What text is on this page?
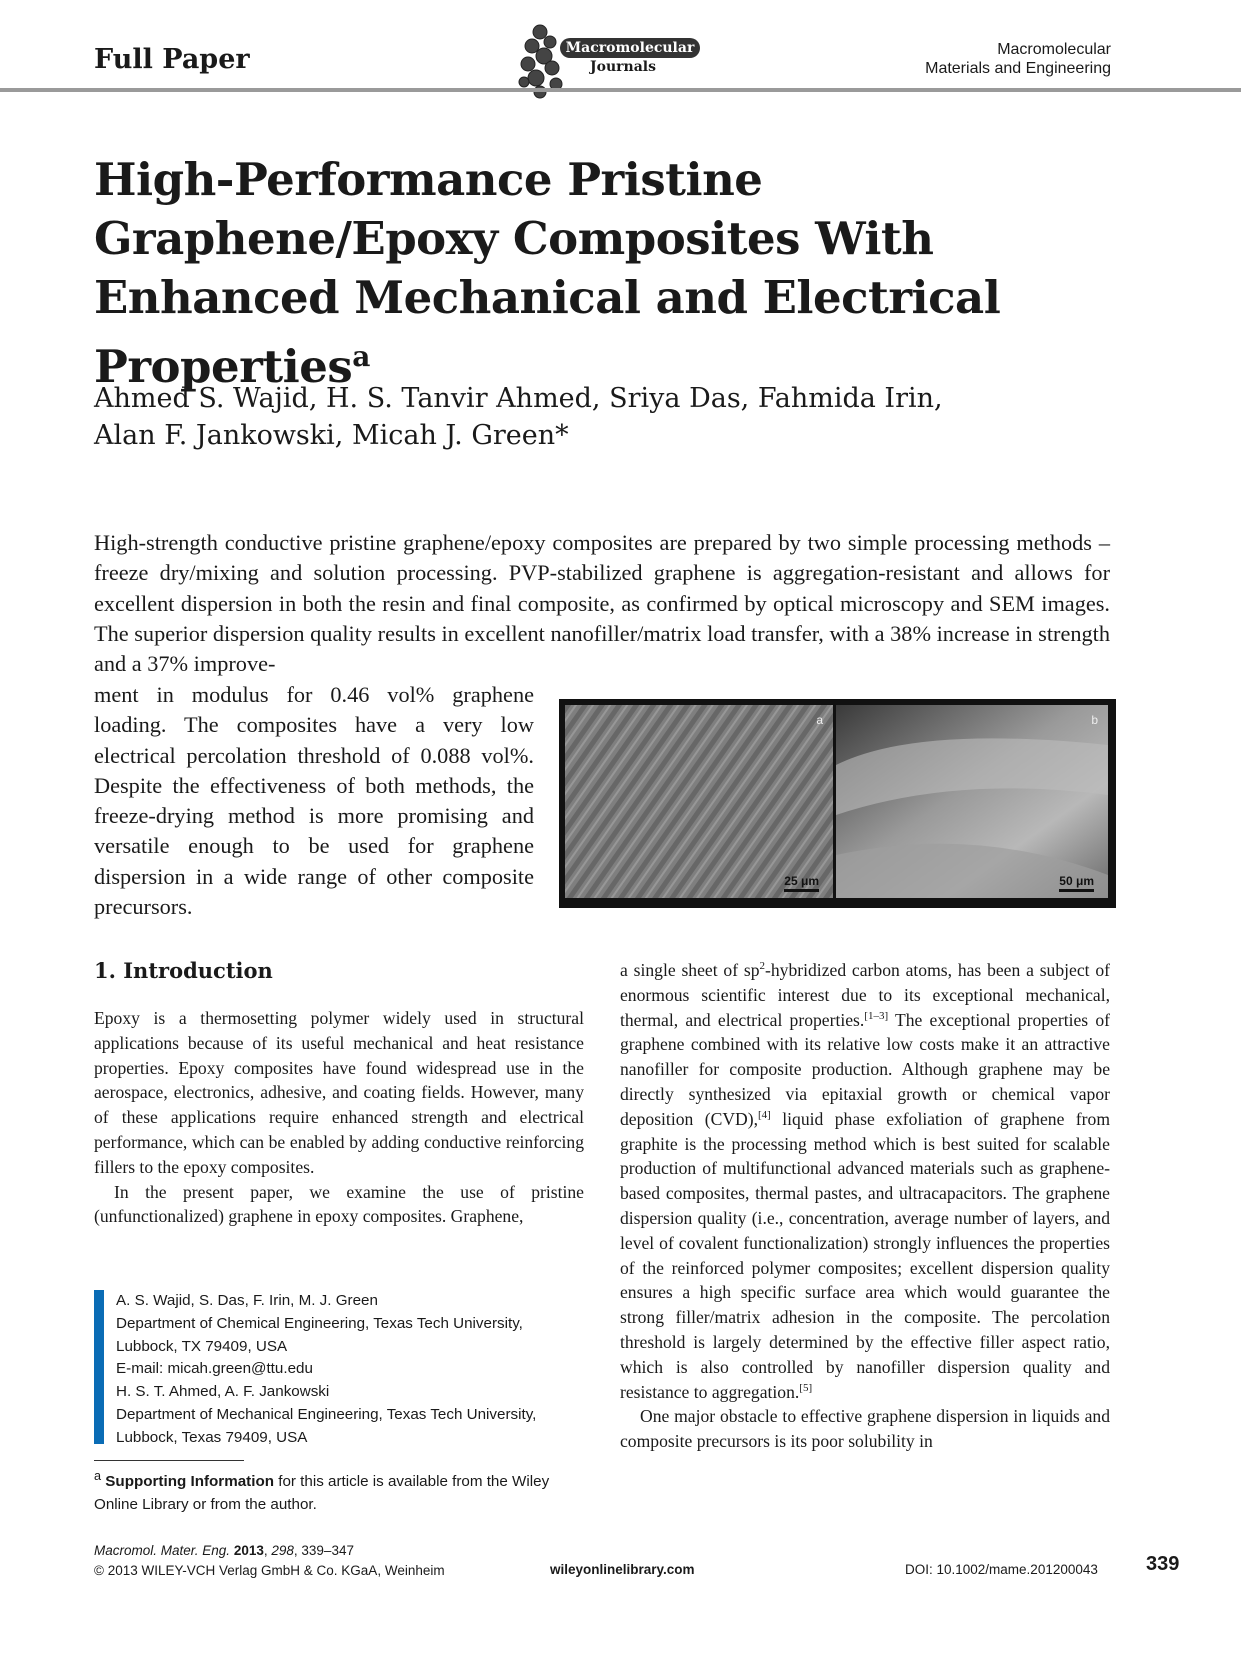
Full Paper	Macromolecular
Journals
Macromolecular
Materials and Engineering
High-Performance Pristine Graphene/Epoxy Composites With Enhanced Mechanical and Electrical Properties$^a$
Ahmed S. Wajid, H. S. Tanvir Ahmed, Sriya Das, Fahmida Irin,
Alan F. Jankowski, Micah J. Green*
High-strength conductive pristine graphene/epoxy composites are prepared by two simple processing methods – freeze dry/mixing and solution processing. PVP-stabilized graphene is aggregation-resistant and allows for excellent dispersion in both the resin and final composite, as confirmed by optical microscopy and SEM images. The superior dispersion quality results in excellent nanofiller/matrix load transfer, with a 38% increase in strength and a 37% improve-
ment in modulus for 0.46 vol% graphene loading. The composites have a very low electrical percolation threshold of 0.088 vol%. Despite the effectiveness of both methods, the freeze-drying method is more promising and versatile enough to be used for graphene dispersion in a wide range of other composite precursors.
a
25 μm
b
50 μm
1. Introduction

Epoxy is a thermosetting polymer widely used in structural applications because of its useful mechanical and heat resistance properties. Epoxy composites have found widespread use in the aerospace, electronics, adhesive, and coating fields. However, many of these applications require enhanced strength and electrical performance, which can be enabled by adding conductive reinforcing fillers to the epoxy composites.

In the present paper, we examine the use of pristine (unfunctionalized) graphene in epoxy composites. Graphene,

a single sheet of $sp^2$-hybridized carbon atoms, has been a subject of enormous scientific interest due to its exceptional mechanical, thermal, and electrical properties.[1–3] The exceptional properties of graphene combined with its relative low costs make it an attractive nanofiller for composite production. Although graphene may be directly synthesized via epitaxial growth or chemical vapor deposition (CVD),[4] liquid phase exfoliation of graphene from graphite is the processing method which is best suited for scalable production of multifunctional advanced materials such as graphene-based composites, thermal pastes, and ultracapacitors. The graphene dispersion quality (i.e., concentration, average number of layers, and level of covalent functionalization) strongly influences the properties of the reinforced polymer composites; excellent dispersion quality ensures a high specific surface area which would guarantee the strong filler/matrix adhesion in the composite. The percolation threshold is largely determined by the effective filler aspect ratio, which is also controlled by nanofiller dispersion quality and resistance to aggregation.[5]

One major obstacle to effective graphene dispersion in liquids and composite precursors is its poor solubility in

A. S. Wajid, S. Das, F. Irin, M. J. Green
Department of Chemical Engineering, Texas Tech University,
Lubbock, TX 79409, USA
E-mail: micah.green@ttu.edu
H. S. T. Ahmed, A. F. Jankowski
Department of Mechanical Engineering, Texas Tech University,
Lubbock, Texas 79409, USA
$^a$ Supporting Information for this article is available from the Wiley Online Library or from the author.
Macromol. Mater. Eng. 2013, 298, 339–347
© 2013 WILEY-VCH Verlag GmbH & Co. KGaA, Weinheim	wileyonlinelibrary.com	DOI: 10.1002/mame.201200043 339
